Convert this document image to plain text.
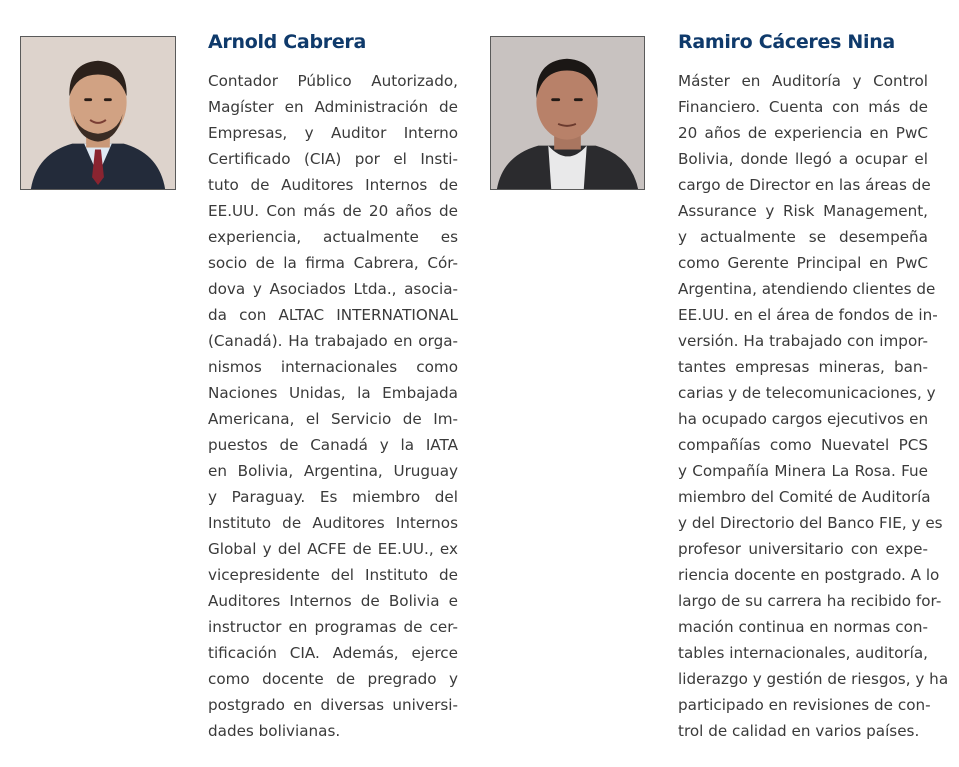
Arnold Cabrera
Contador Público Autorizado,
Magíster en Administración de
Empresas, y Auditor Interno
Certificado (CIA) por el Insti-
tuto de Auditores Internos de
EE.UU. Con más de 20 años de
experiencia, actualmente es
socio de la firma Cabrera, Cór-
dova y Asociados Ltda., asocia-
da con ALTAC INTERNATIONAL
(Canadá). Ha trabajado en orga-
nismos internacionales como
Naciones Unidas, la Embajada
Americana, el Servicio de Im-
puestos de Canadá y la IATA
en Bolivia, Argentina, Uruguay
y Paraguay. Es miembro del
Instituto de Auditores Internos
Global y del ACFE de EE.UU., ex
vicepresidente del Instituto de
Auditores Internos de Bolivia e
instructor en programas de cer-
tificación CIA. Además, ejerce
como docente de pregrado y
postgrado en diversas universi-
dades bolivianas.
Ramiro Cáceres Nina
Máster en Auditoría y Control
Financiero. Cuenta con más de
20 años de experiencia en PwC
Bolivia, donde llegó a ocupar el
cargo de Director en las áreas de
Assurance y Risk Management,
y actualmente se desempeña
como Gerente Principal en PwC
Argentina, atendiendo clientes de
EE.UU. en el área de fondos de in-
versión. Ha trabajado con impor-
tantes empresas mineras, ban-
carias y de telecomunicaciones, y
ha ocupado cargos ejecutivos en
compañías como Nuevatel PCS
y Compañía Minera La Rosa. Fue
miembro del Comité de Auditoría
y del Directorio del Banco FIE, y es
profesor universitario con expe-
riencia docente en postgrado. A lo
largo de su carrera ha recibido for-
mación continua en normas con-
tables internacionales, auditoría,
liderazgo y gestión de riesgos, y ha
participado en revisiones de con-
trol de calidad en varios países.
